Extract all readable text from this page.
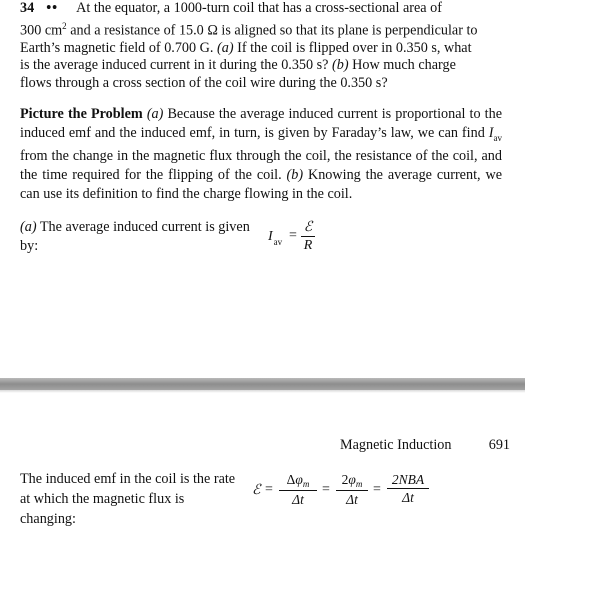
34 •• At the equator, a 1000-turn coil that has a cross-sectional area of
300 $cm^2$ and a resistance of 15.0 Ω is aligned so that its plane is perpendicular to
Earth’s magnetic field of 0.700 G. (a) If the coil is flipped over in 0.350 s, what
is the average induced current in it during the 0.350 s? (b) How much charge
flows through a cross section of the coil wire during the 0.350 s?
Picture the Problem (a) Because the average induced current is proportional to the induced emf and the induced emf, in turn, is given by Faraday’s law, we can find $I_{av}$ from the change in the magnetic flux through the coil, the resistance of the coil, and the time required for the flipping of the coil. (b) Knowing the average current, we can use its definition to find the charge flowing in the coil.
(a) The average induced current is given by:
$I_{av}$ =
ℰ
R
Magnetic Induction	691
The induced emf in the coil is the rate at which the magnetic flux is changing:
ℰ =
$\Delta\varphi_m$
Δt
=
$2\varphi_m$
Δt
=
2NBA
Δt
